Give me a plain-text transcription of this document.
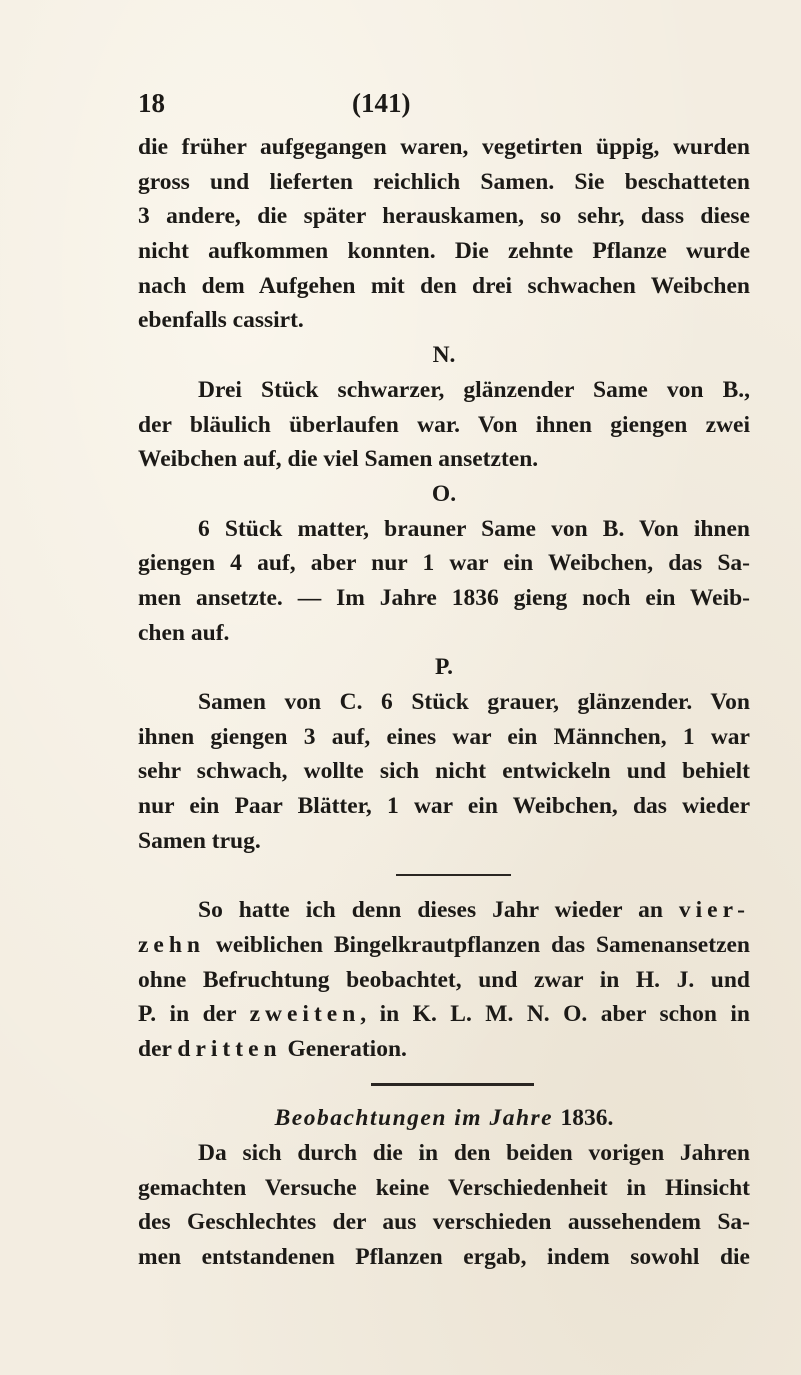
18	(141)
die früher aufgegangen waren, vegetirten üppig, wurden
gross und lieferten reichlich Samen. Sie beschatteten
3 andere, die später herauskamen, so sehr, dass diese
nicht aufkommen konnten. Die zehnte Pflanze wurde
nach dem Aufgehen mit den drei schwachen Weibchen
ebenfalls cassirt.
N.
Drei Stück schwarzer, glänzender Same von B.,
der bläulich überlaufen war. Von ihnen giengen zwei
Weibchen auf, die viel Samen ansetzten.
O.
6 Stück matter, brauner Same von B. Von ihnen
giengen 4 auf, aber nur 1 war ein Weibchen, das Sa-
men ansetzte. — Im Jahre 1836 gieng noch ein Weib-
chen auf.
P.
Samen von C. 6 Stück grauer, glänzender. Von
ihnen giengen 3 auf, eines war ein Männchen, 1 war
sehr schwach, wollte sich nicht entwickeln und behielt
nur ein Paar Blätter, 1 war ein Weibchen, das wieder
Samen trug.
So hatte ich denn dieses Jahr wieder an vier-
zehn weiblichen Bingelkrautpflanzen das Samenansetzen
ohne Befruchtung beobachtet, und zwar in H. J. und
P. in der zweiten, in K. L. M. N. O. aber schon in
der dritten Generation.
Beobachtungen im Jahre 1836.
Da sich durch die in den beiden vorigen Jahren
gemachten Versuche keine Verschiedenheit in Hinsicht
des Geschlechtes der aus verschieden aussehendem Sa-
men entstandenen Pflanzen ergab, indem sowohl die
